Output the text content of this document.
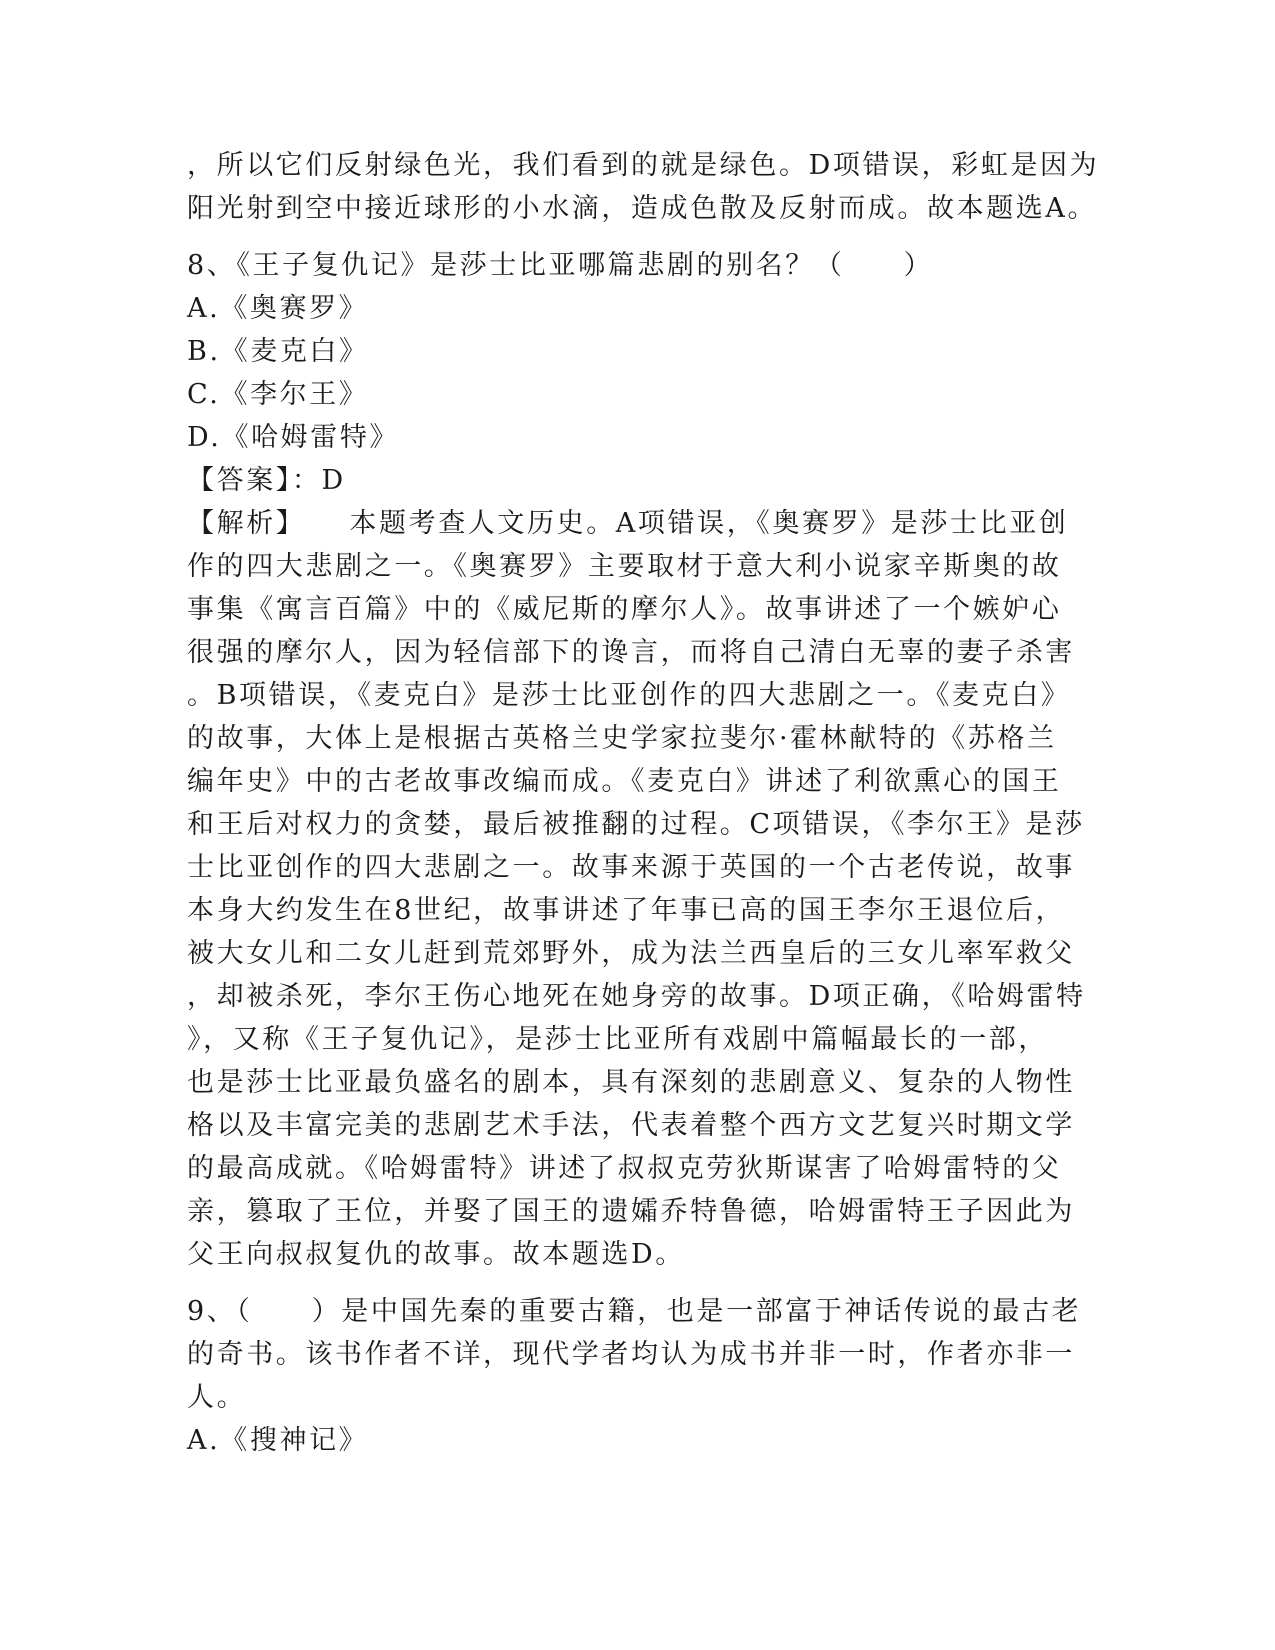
，所以它们反射绿色光，我们看到的就是绿色。D项错误，彩虹是因为
阳光射到空中接近球形的小水滴，造成色散及反射而成。故本题选A。
8、《王子复仇记》是莎士比亚哪篇悲剧的别名？（　　）
A.《奥赛罗》
B.《麦克白》
C.《李尔王》
D.《哈姆雷特》
【答案】：D
【解析】 本题考查人文历史。A项错误，《奥赛罗》是莎士比亚创
作的四大悲剧之一。《奥赛罗》主要取材于意大利小说家辛斯奥的故
事集《寓言百篇》中的《威尼斯的摩尔人》。故事讲述了一个嫉妒心
很强的摩尔人，因为轻信部下的谗言，而将自己清白无辜的妻子杀害
。B项错误，《麦克白》是莎士比亚创作的四大悲剧之一。《麦克白》
的故事，大体上是根据古英格兰史学家拉斐尔·霍林献特的《苏格兰
编年史》中的古老故事改编而成。《麦克白》讲述了利欲熏心的国王
和王后对权力的贪婪，最后被推翻的过程。C项错误，《李尔王》是莎
士比亚创作的四大悲剧之一。故事来源于英国的一个古老传说，故事
本身大约发生在8世纪，故事讲述了年事已高的国王李尔王退位后，
被大女儿和二女儿赶到荒郊野外，成为法兰西皇后的三女儿率军救父
，却被杀死，李尔王伤心地死在她身旁的故事。D项正确，《哈姆雷特
》，又称《王子复仇记》，是莎士比亚所有戏剧中篇幅最长的一部，
也是莎士比亚最负盛名的剧本，具有深刻的悲剧意义、复杂的人物性
格以及丰富完美的悲剧艺术手法，代表着整个西方文艺复兴时期文学
的最高成就。《哈姆雷特》讲述了叔叔克劳狄斯谋害了哈姆雷特的父
亲，篡取了王位，并娶了国王的遗孀乔特鲁德，哈姆雷特王子因此为
父王向叔叔复仇的故事。故本题选D。
9、（　　）是中国先秦的重要古籍，也是一部富于神话传说的最古老
的奇书。该书作者不详，现代学者均认为成书并非一时，作者亦非一
人。
A.《搜神记》
